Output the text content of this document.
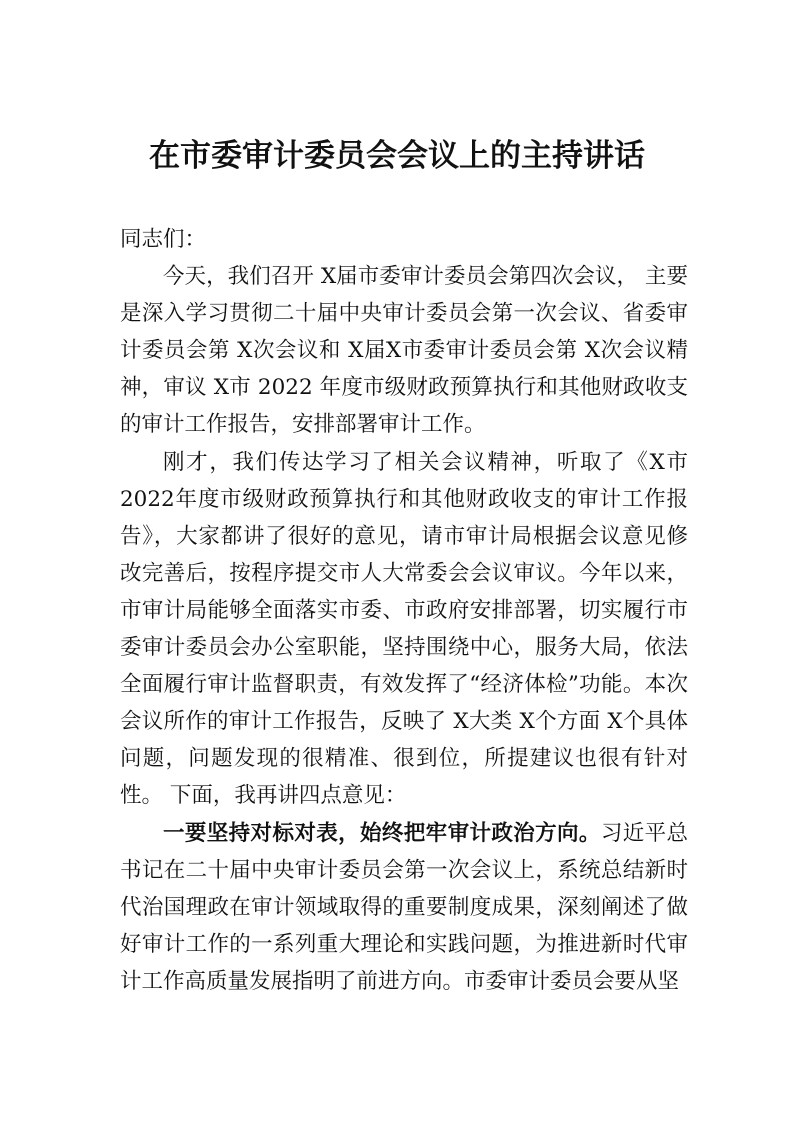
在市委审计委员会会议上的主持讲话

同志们：

今天，我们召开 X届市委审计委员会第四次会议， 主要是深入学习贯彻二十届中央审计委员会第一次会议、省委审计委员会第 X次会议和 X届X市委审计委员会第 X次会议精神，审议 X市 2022 年度市级财政预算执行和其他财政收支的审计工作报告，安排部署审计工作。

刚才，我们传达学习了相关会议精神，听取了《X市 2022年度市级财政预算执行和其他财政收支的审计工作报告》，大家都讲了很好的意见，请市审计局根据会议意见修改完善后，按程序提交市人大常委会会议审议。今年以来，市审计局能够全面落实市委、市政府安排部署，切实履行市委审计委员会办公室职能，坚持围绕中心，服务大局，依法全面履行审计监督职责，有效发挥了“经济体检”功能。本次会议所作的审计工作报告，反映了 X大类 X个方面 X个具体问题，问题发现的很精准、很到位，所提建议也很有针对性。 下面，我再讲四点意见：

一要坚持对标对表，始终把牢审计政治方向。习近平总书记在二十届中央审计委员会第一次会议上，系统总结新时代治国理政在审计领域取得的重要制度成果，深刻阐述了做好审计工作的一系列重大理论和实践问题，为推进新时代审计工作高质量发展指明了前进方向。市委审计委员会要从坚
